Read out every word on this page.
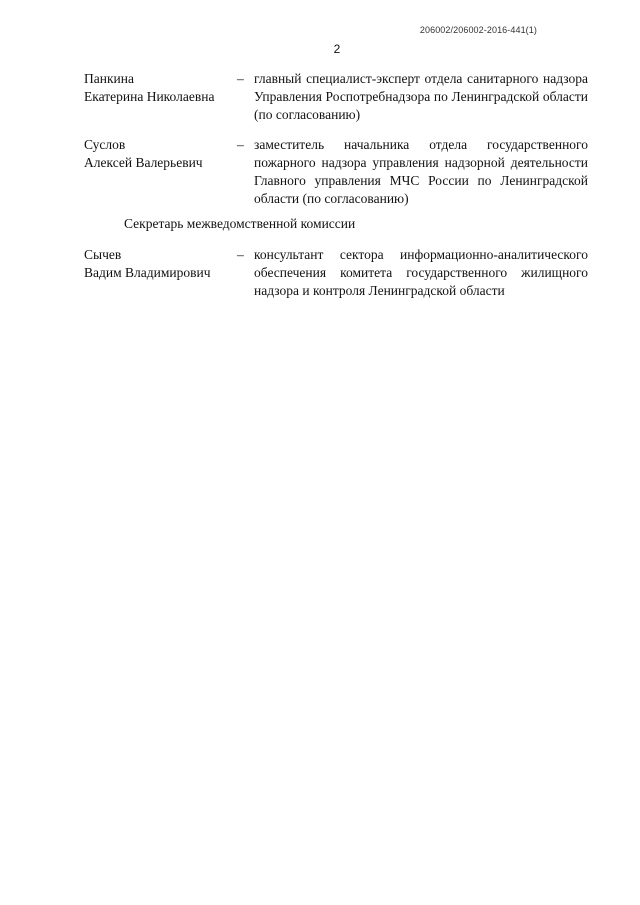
206002/206002-2016-441(1)
2
Панкина
Екатерина Николаевна
– главный специалист-эксперт отдела санитарного надзора Управления Роспотребнадзора по Ленинградской области (по согласованию)
Суслов
Алексей Валерьевич
– заместитель начальника отдела государственного пожарного надзора управления надзорной деятельности Главного управления МЧС России по Ленинградской области (по согласованию)
Секретарь межведомственной комиссии
Сычев
Вадим Владимирович
– консультант сектора информационно-аналитического обеспечения комитета государственного жилищного надзора и контроля Ленинградской области
